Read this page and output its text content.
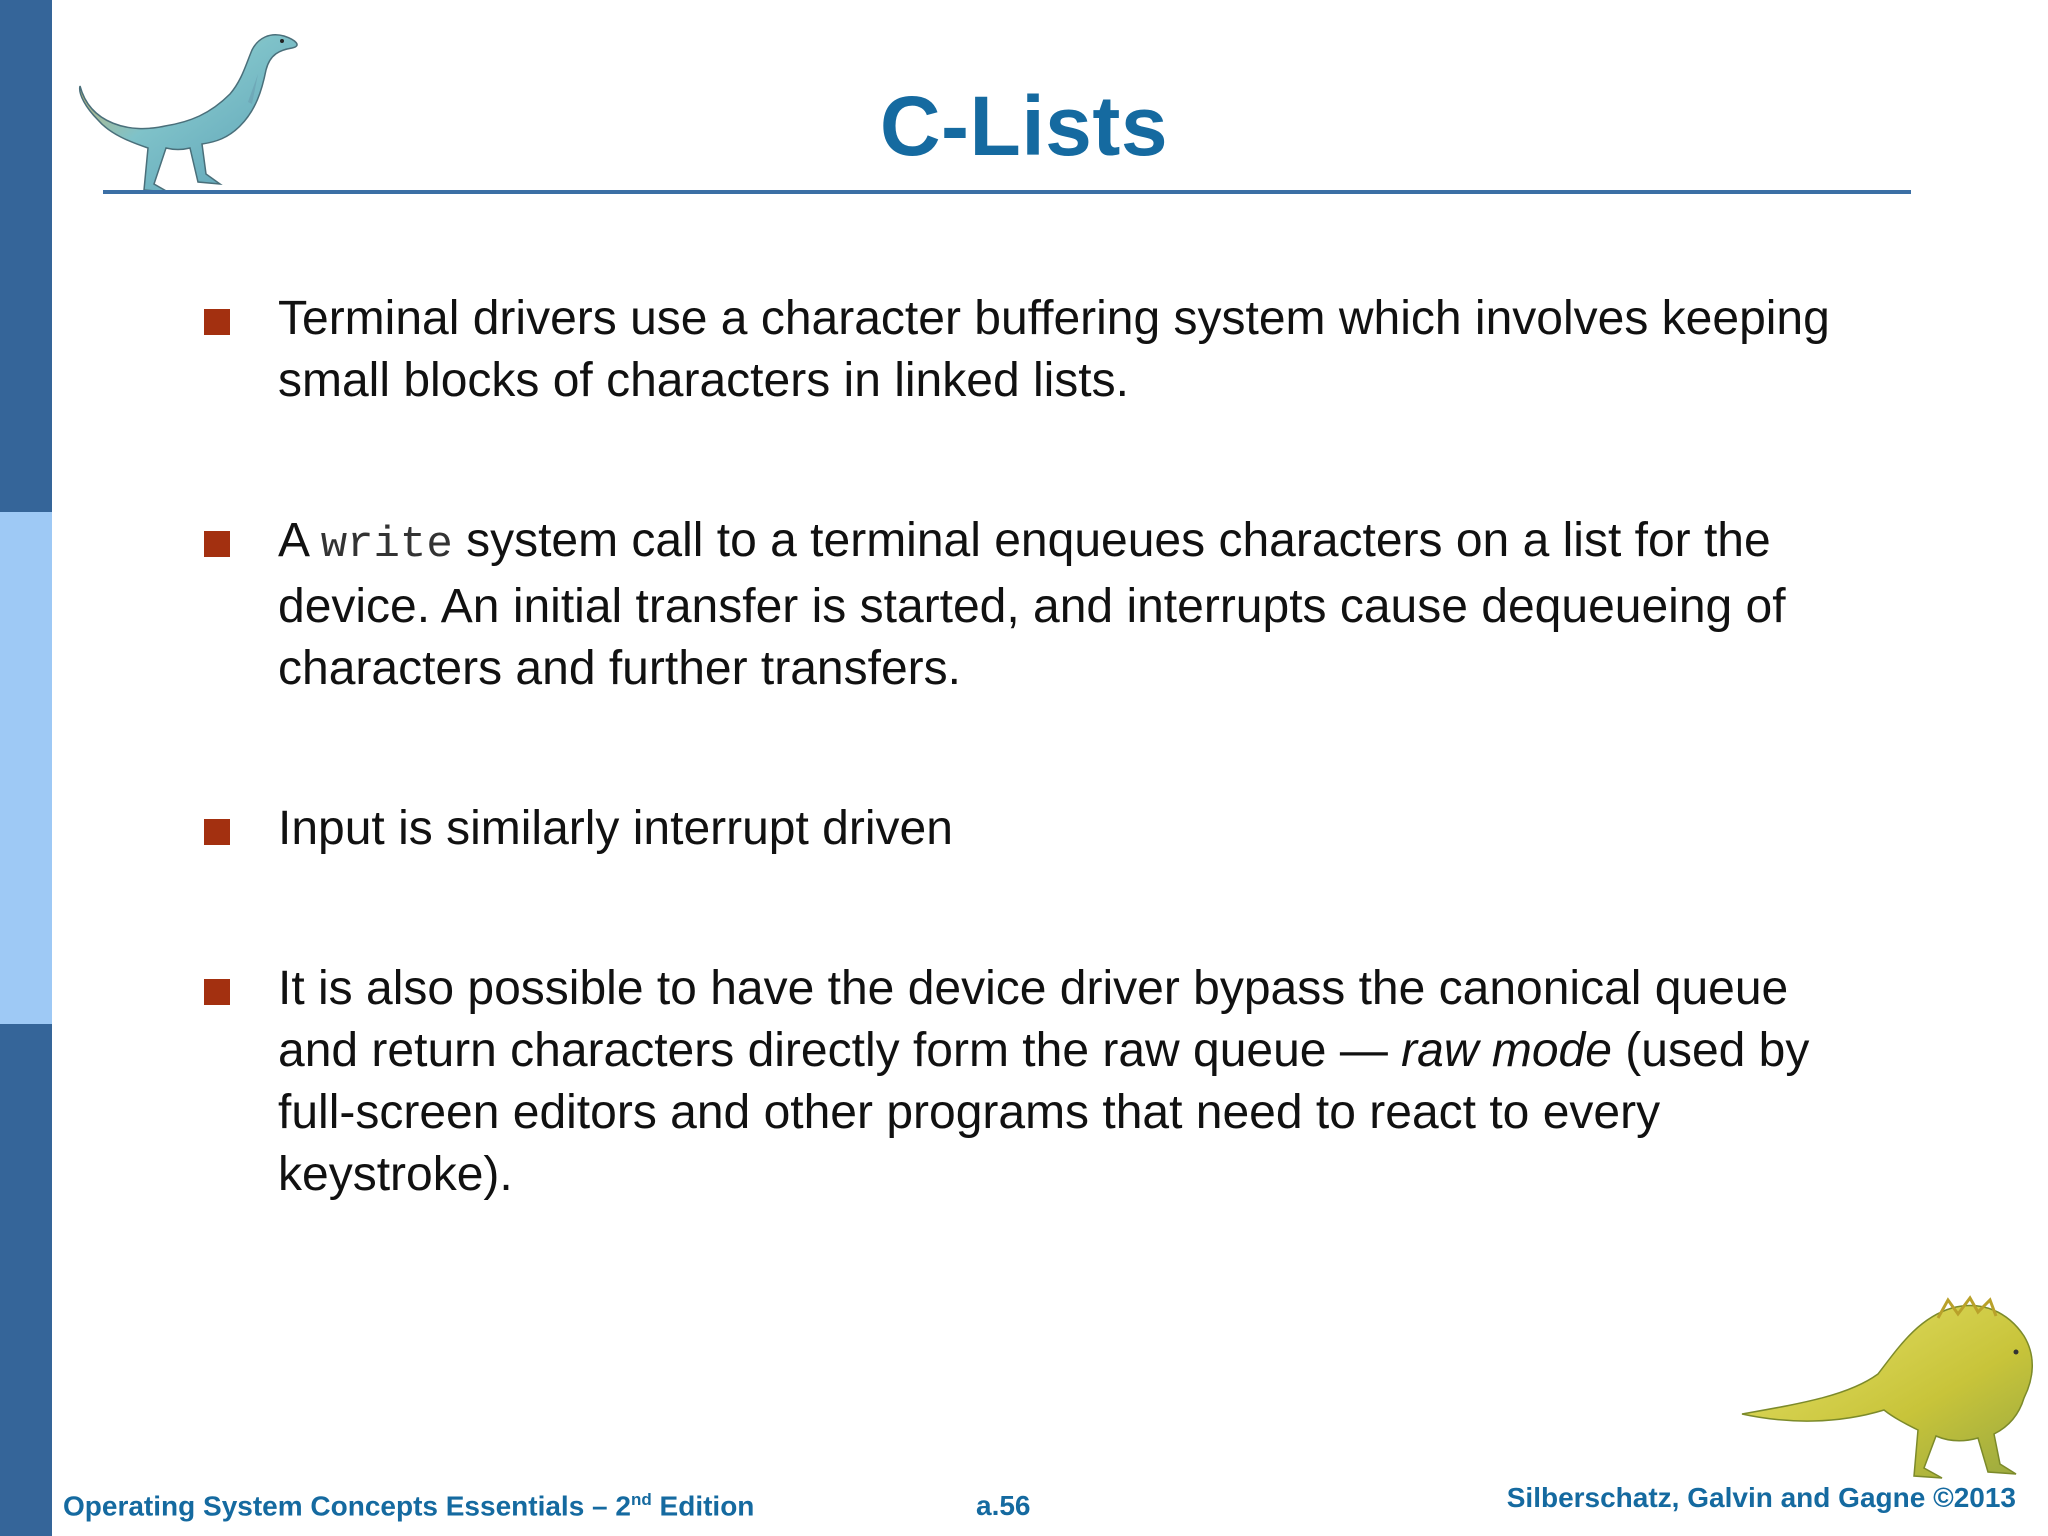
C-Lists
Terminal drivers use a character buffering system which involves keeping small blocks of characters in linked lists.
A write system call to a terminal enqueues characters on a list for the device. An initial transfer is started, and interrupts cause dequeueing of characters and further transfers.
Input is similarly interrupt driven
It is also possible to have the device driver bypass the canonical queue and return characters directly form the raw queue — raw mode (used by full-screen editors and other programs that need to react to every keystroke).
Operating System Concepts Essentials – 2nd Edition	a.56	Silberschatz, Galvin and Gagne ©2013
